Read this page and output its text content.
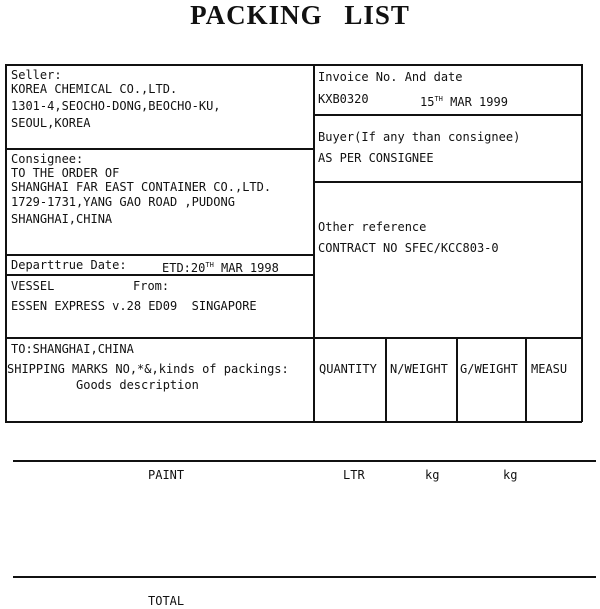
PACKING LIST
Seller:
KOREA CHEMICAL CO.,LTD.
1301-4,SEOCHO-DONG,BEOCHO-KU,
SEOUL,KOREA
Invoice No. And date
KXB0320	15TH MAR 1999
Buyer(If any than consignee)
AS PER CONSIGNEE
Consignee:
TO THE ORDER OF
SHANGHAI FAR EAST CONTAINER CO.,LTD.
1729-1731,YANG GAO ROAD ,PUDONG
SHANGHAI,CHINA
Other reference
CONTRACT NO SFEC/KCC803-0
Departtrue Date:	ETD:20TH MAR 1998
VESSEL	From:
ESSEN EXPRESS v.28 ED09  SINGAPORE
TO:SHANGHAI,CHINA
SHIPPING MARKS NO,*&,kinds of packings:
Goods description
QUANTITY N/WEIGHT G/WEIGHT MEASU
PAINT	LTR	kg	kg
TOTAL
